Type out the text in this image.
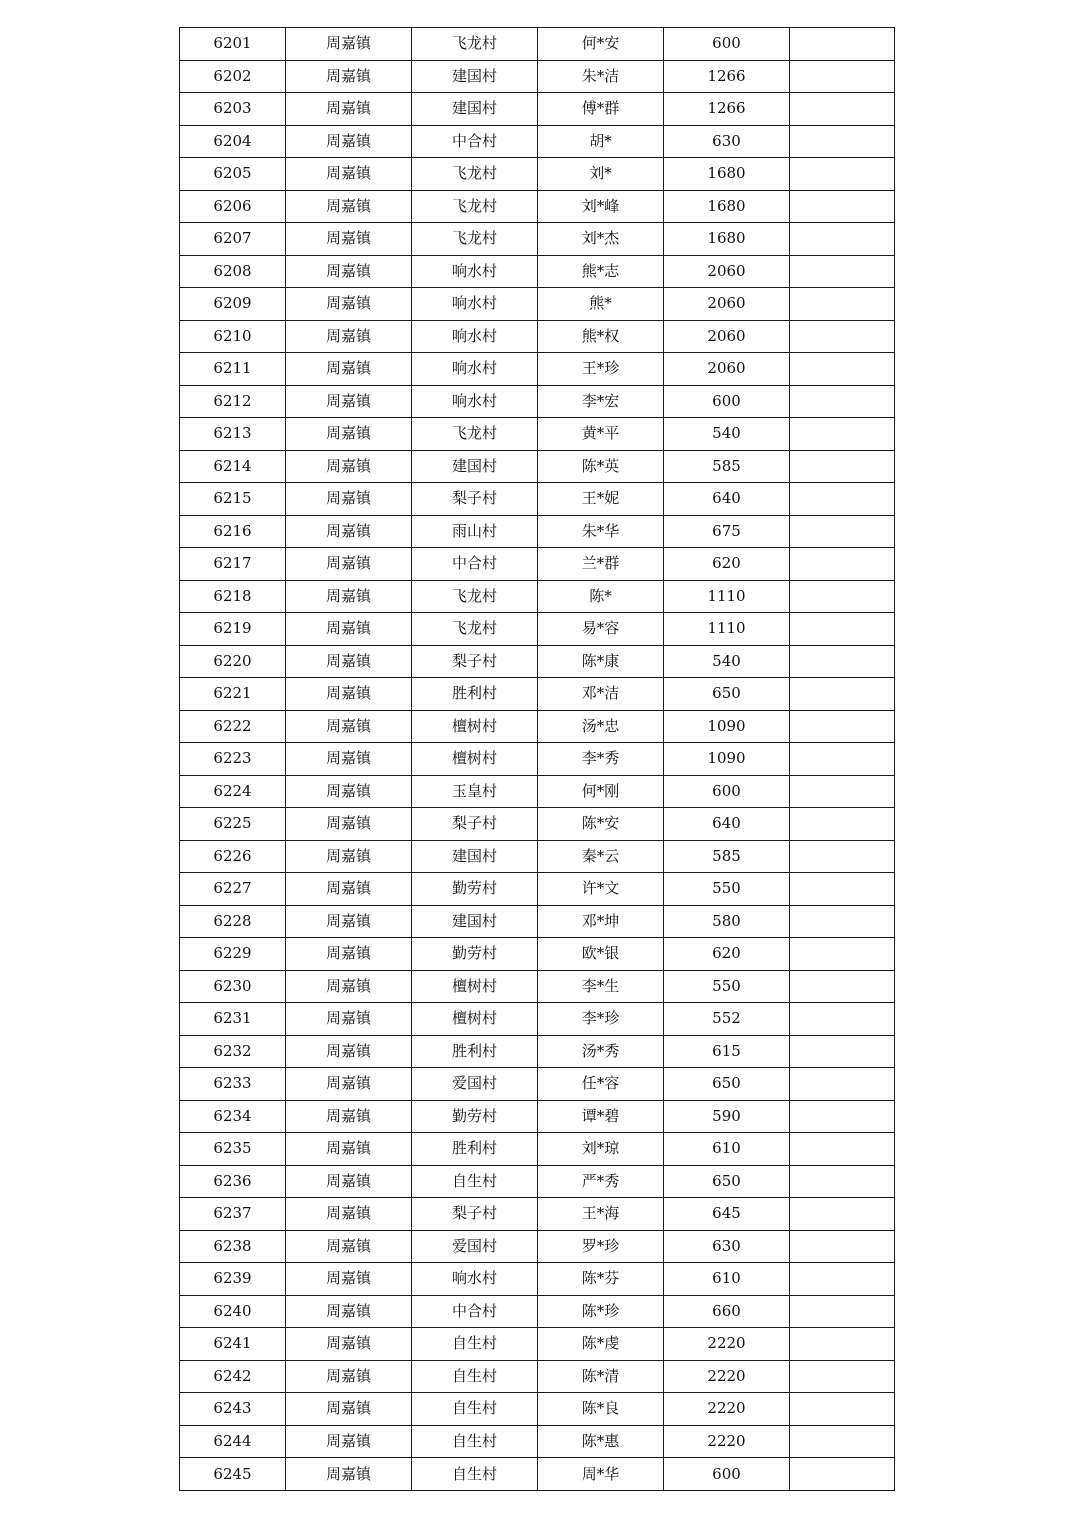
6201	周嘉镇	飞龙村	何*安	600	
6202	周嘉镇	建国村	朱*洁	1266	
6203	周嘉镇	建国村	傅*群	1266	
6204	周嘉镇	中合村	胡*	630	
6205	周嘉镇	飞龙村	刘*	1680	
6206	周嘉镇	飞龙村	刘*峰	1680	
6207	周嘉镇	飞龙村	刘*杰	1680	
6208	周嘉镇	响水村	熊*志	2060	
6209	周嘉镇	响水村	熊*	2060	
6210	周嘉镇	响水村	熊*权	2060	
6211	周嘉镇	响水村	王*珍	2060	
6212	周嘉镇	响水村	李*宏	600	
6213	周嘉镇	飞龙村	黄*平	540	
6214	周嘉镇	建国村	陈*英	585	
6215	周嘉镇	梨子村	王*妮	640	
6216	周嘉镇	雨山村	朱*华	675	
6217	周嘉镇	中合村	兰*群	620	
6218	周嘉镇	飞龙村	陈*	1110	
6219	周嘉镇	飞龙村	易*容	1110	
6220	周嘉镇	梨子村	陈*康	540	
6221	周嘉镇	胜利村	邓*洁	650	
6222	周嘉镇	檀树村	汤*忠	1090	
6223	周嘉镇	檀树村	李*秀	1090	
6224	周嘉镇	玉皇村	何*刚	600	
6225	周嘉镇	梨子村	陈*安	640	
6226	周嘉镇	建国村	秦*云	585	
6227	周嘉镇	勤劳村	许*文	550	
6228	周嘉镇	建国村	邓*坤	580	
6229	周嘉镇	勤劳村	欧*银	620	
6230	周嘉镇	檀树村	李*生	550	
6231	周嘉镇	檀树村	李*珍	552	
6232	周嘉镇	胜利村	汤*秀	615	
6233	周嘉镇	爱国村	任*容	650	
6234	周嘉镇	勤劳村	谭*碧	590	
6235	周嘉镇	胜利村	刘*琼	610	
6236	周嘉镇	自生村	严*秀	650	
6237	周嘉镇	梨子村	王*海	645	
6238	周嘉镇	爱国村	罗*珍	630	
6239	周嘉镇	响水村	陈*芬	610	
6240	周嘉镇	中合村	陈*珍	660	
6241	周嘉镇	自生村	陈*虔	2220	
6242	周嘉镇	自生村	陈*清	2220	
6243	周嘉镇	自生村	陈*良	2220	
6244	周嘉镇	自生村	陈*惠	2220	
6245	周嘉镇	自生村	周*华	600	
